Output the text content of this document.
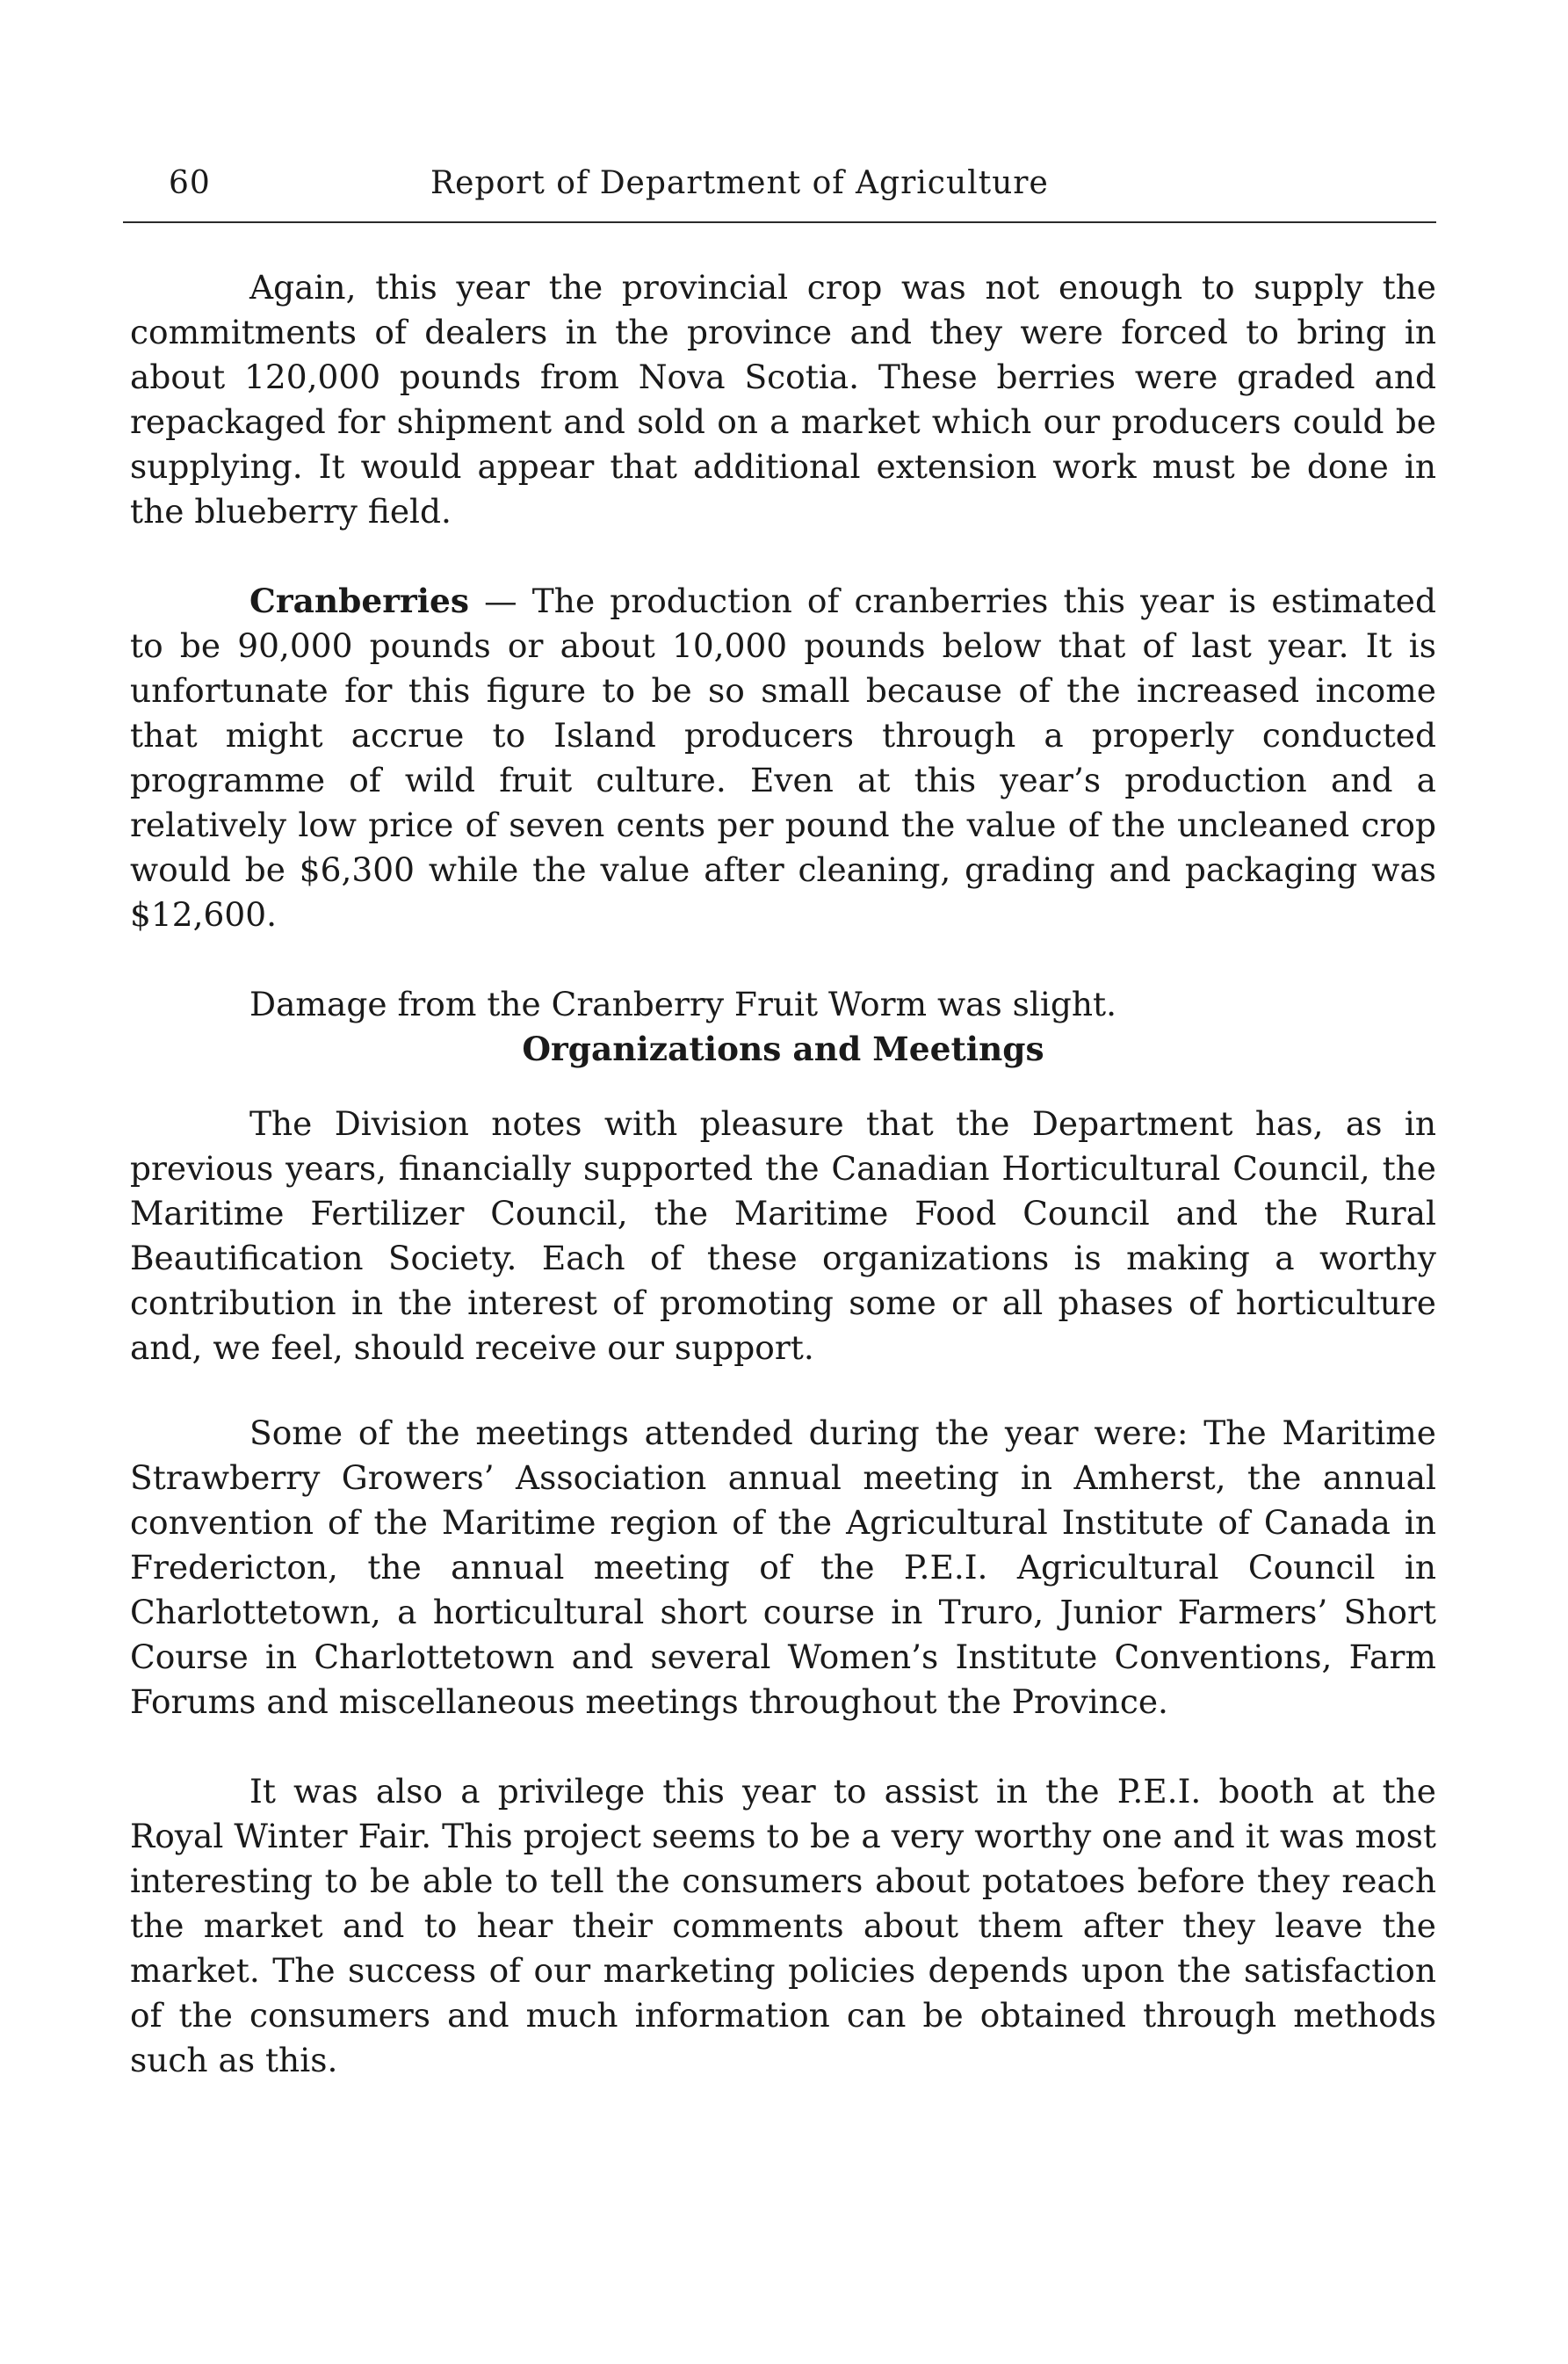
60	Report of Department of Agriculture

Again, this year the provincial crop was not enough to supply the commitments of dealers in the province and they were forced to bring in about 120,000 pounds from Nova Scotia. These berries were graded and repackaged for shipment and sold on a market which our producers could be supplying. It would appear that additional extension work must be done in the blueberry field.

Cranberries — The production of cranberries this year is estimated to be 90,000 pounds or about 10,000 pounds below that of last year. It is unfortunate for this figure to be so small because of the increased income that might accrue to Island producers through a properly conducted programme of wild fruit culture. Even at this year’s production and a relatively low price of seven cents per pound the value of the uncleaned crop would be $6,300 while the value after cleaning, grading and packaging was $12,600.

Damage from the Cranberry Fruit Worm was slight.

Organizations and Meetings

The Division notes with pleasure that the Department has, as in previous years, financially supported the Canadian Horticultural Council, the Maritime Fertilizer Council, the Maritime Food Council and the Rural Beautification Society. Each of these organizations is making a worthy contribution in the interest of promoting some or all phases of horticulture and, we feel, should receive our support.

Some of the meetings attended during the year were: The Maritime Strawberry Growers’ Association annual meeting in Amherst, the annual convention of the Maritime region of the Agricultural Institute of Canada in Fredericton, the annual meeting of the P.E.I. Agricultural Council in Charlottetown, a horticultural short course in Truro, Junior Farmers’ Short Course in Charlottetown and several Women’s Institute Conventions, Farm Forums and miscellaneous meetings throughout the Province.

It was also a privilege this year to assist in the P.E.I. booth at the Royal Winter Fair. This project seems to be a very worthy one and it was most interesting to be able to tell the consumers about potatoes before they reach the market and to hear their comments about them after they leave the market. The success of our marketing policies depends upon the satisfaction of the consumers and much information can be obtained through methods such as this.
